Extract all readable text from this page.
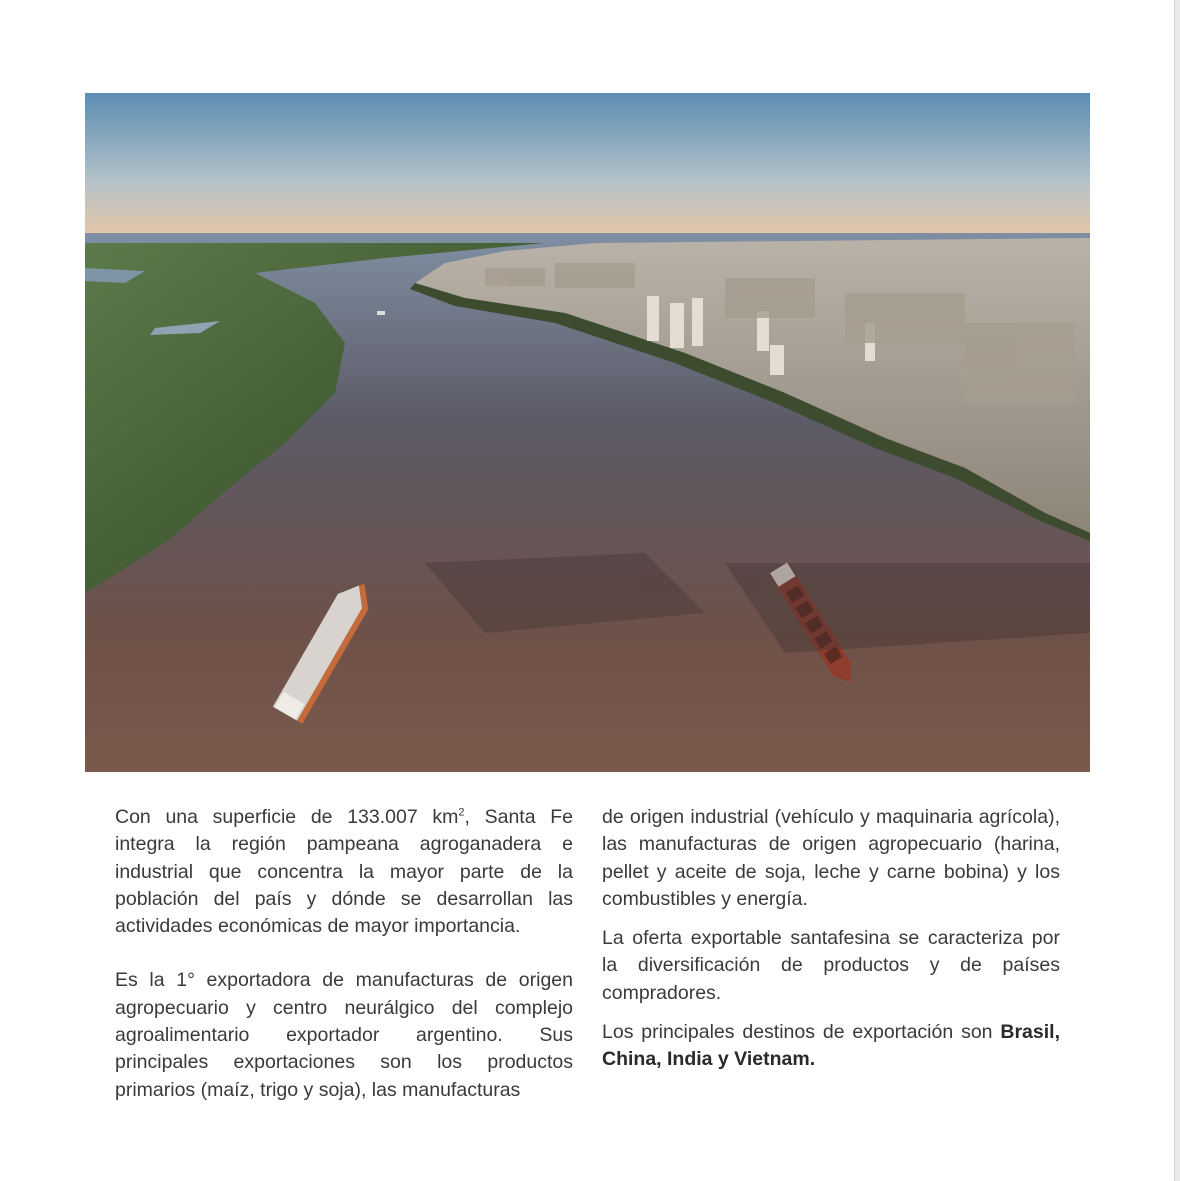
Con una superficie de 133.007 $km^2$, Santa Fe integra la región pampeana agroganadera e industrial que concentra la mayor parte de la población del país y dónde se desarrollan las actividades económicas de mayor importancia.

Es la 1° exportadora de manufacturas de origen agropecuario y centro neurálgico del complejo agroalimentario exportador argentino. Sus principales exportaciones son los productos primarios (maíz, trigo y soja), las manufacturas

de origen industrial (vehículo y maquinaria agrícola), las manufacturas de origen agropecuario (harina, pellet y aceite de soja, leche y carne bobina) y los combustibles y energía.

La oferta exportable santafesina se caracteriza por la diversificación de productos y de países compradores.

Los principales destinos de exportación son Brasil, China, India y Vietnam.
